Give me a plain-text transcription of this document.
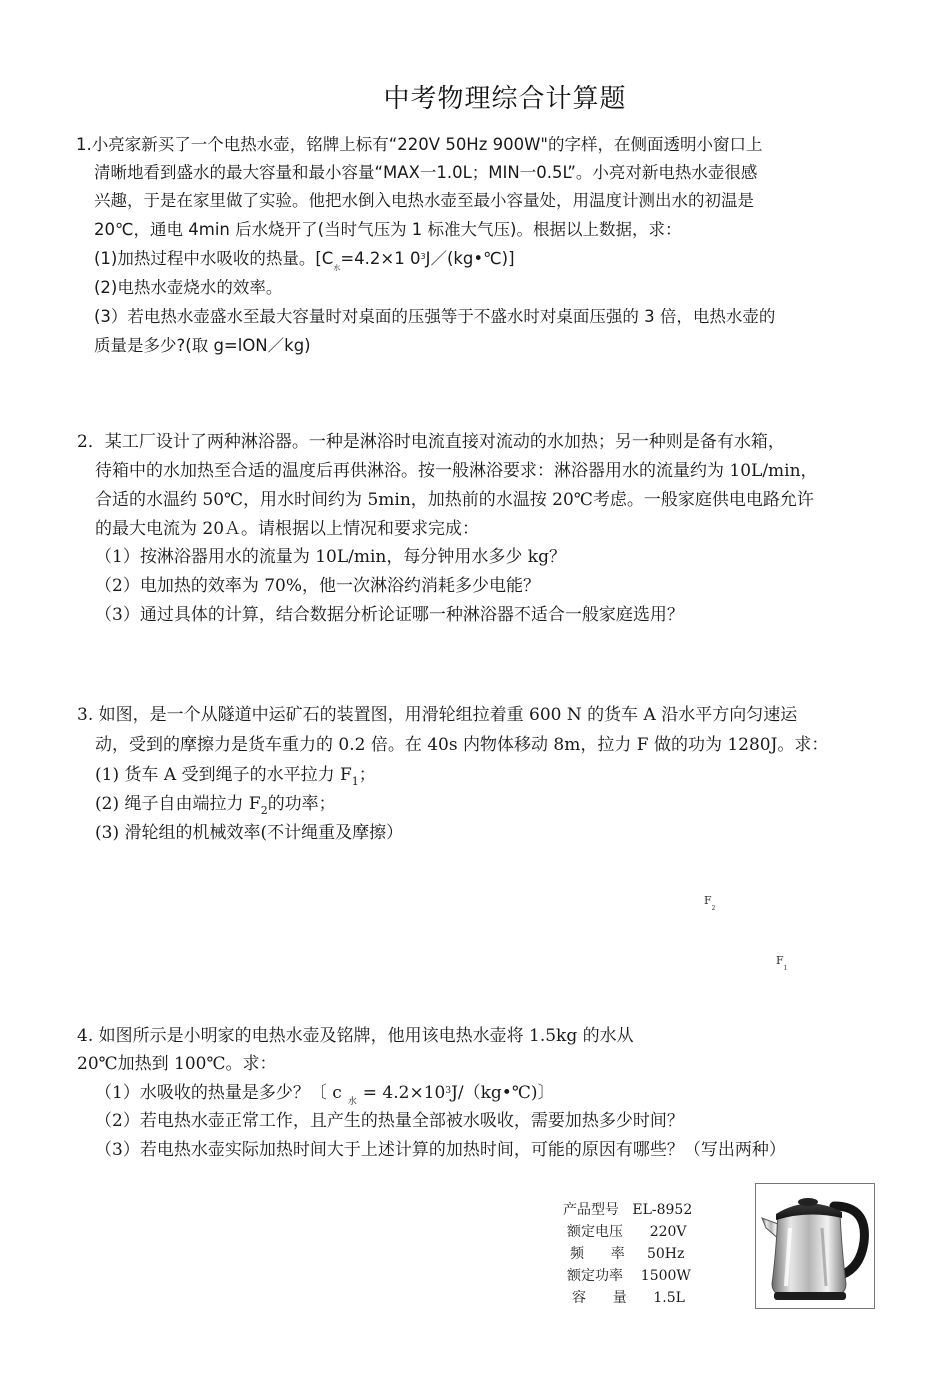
中考物理综合计算题
1.小亮家新买了一个电热水壶，铭牌上标有“220V 50Hz 900W"的字样，在侧面透明小窗口上
清晰地看到盛水的最大容量和最小容量“MAX一1.0L；MIN一0.5L”。小亮对新电热水壶很感
兴趣，于是在家里做了实验。他把水倒入电热水壶至最小容量处，用温度计测出水的初温是
20℃，通电 4min 后水烧开了(当时气压为 1 标准大气压)。根据以上数据，求：
(1)加热过程中水吸收的热量。[$C_水=4.2\times 1$ $0^3J/(kg•℃)$]
(2)电热水壶烧水的效率。
(3）若电热水壶盛水至最大容量时对桌面的压强等于不盛水时对桌面压强的 3 倍，电热水壶的
质量是多少?(取 g=lON／kg)
2．某工厂设计了两种淋浴器。一种是淋浴时电流直接对流动的水加热；另一种则是备有水箱，
待箱中的水加热至合适的温度后再供淋浴。按一般淋浴要求：淋浴器用水的流量约为 10L/min，
合适的水温约 50℃，用水时间约为 5min，加热前的水温按 20℃考虑。一般家庭供电电路允许
的最大电流为 20Ａ。请根据以上情况和要求完成：
（1）按淋浴器用水的流量为 10L/min，每分钟用水多少 kg？
（2）电加热的效率为 70%，他一次淋浴约消耗多少电能？
（3）通过具体的计算，结合数据分析论证哪一种淋浴器不适合一般家庭选用？
3. 如图，是一个从隧道中运矿石的装置图，用滑轮组拉着重 600 N 的货车 A 沿水平方向匀速运
动，受到的摩擦力是货车重力的 0.2 倍。在 40s 内物体移动 8m，拉力 F 做的功为 1280J。求：
(1) 货车 A 受到绳子的水平拉力 $F_1$；
(2) 绳子自由端拉力 $F_2$的功率；
(3) 滑轮组的机械效率(不计绳重及摩擦）
$F_2$
$F_1$
4. 如图所示是小明家的电热水壶及铭牌，他用该电热水壶将 1.5kg 的水从
20℃加热到 100℃。求：
（1）水吸收的热量是多少？〔 c $_水 = 4.2\times 10^3J/(kg•℃)$〕
（2）若电热水壶正常工作，且产生的热量全部被水吸收，需要加热多少时间？
（3）若电热水壶实际加热时间大于上述计算的加热时间，可能的原因有哪些？（写出两种）
产品型号   EL-8952
额定电压      220V
频      率     50Hz
额定功率    1500W
容      量      1.5L
